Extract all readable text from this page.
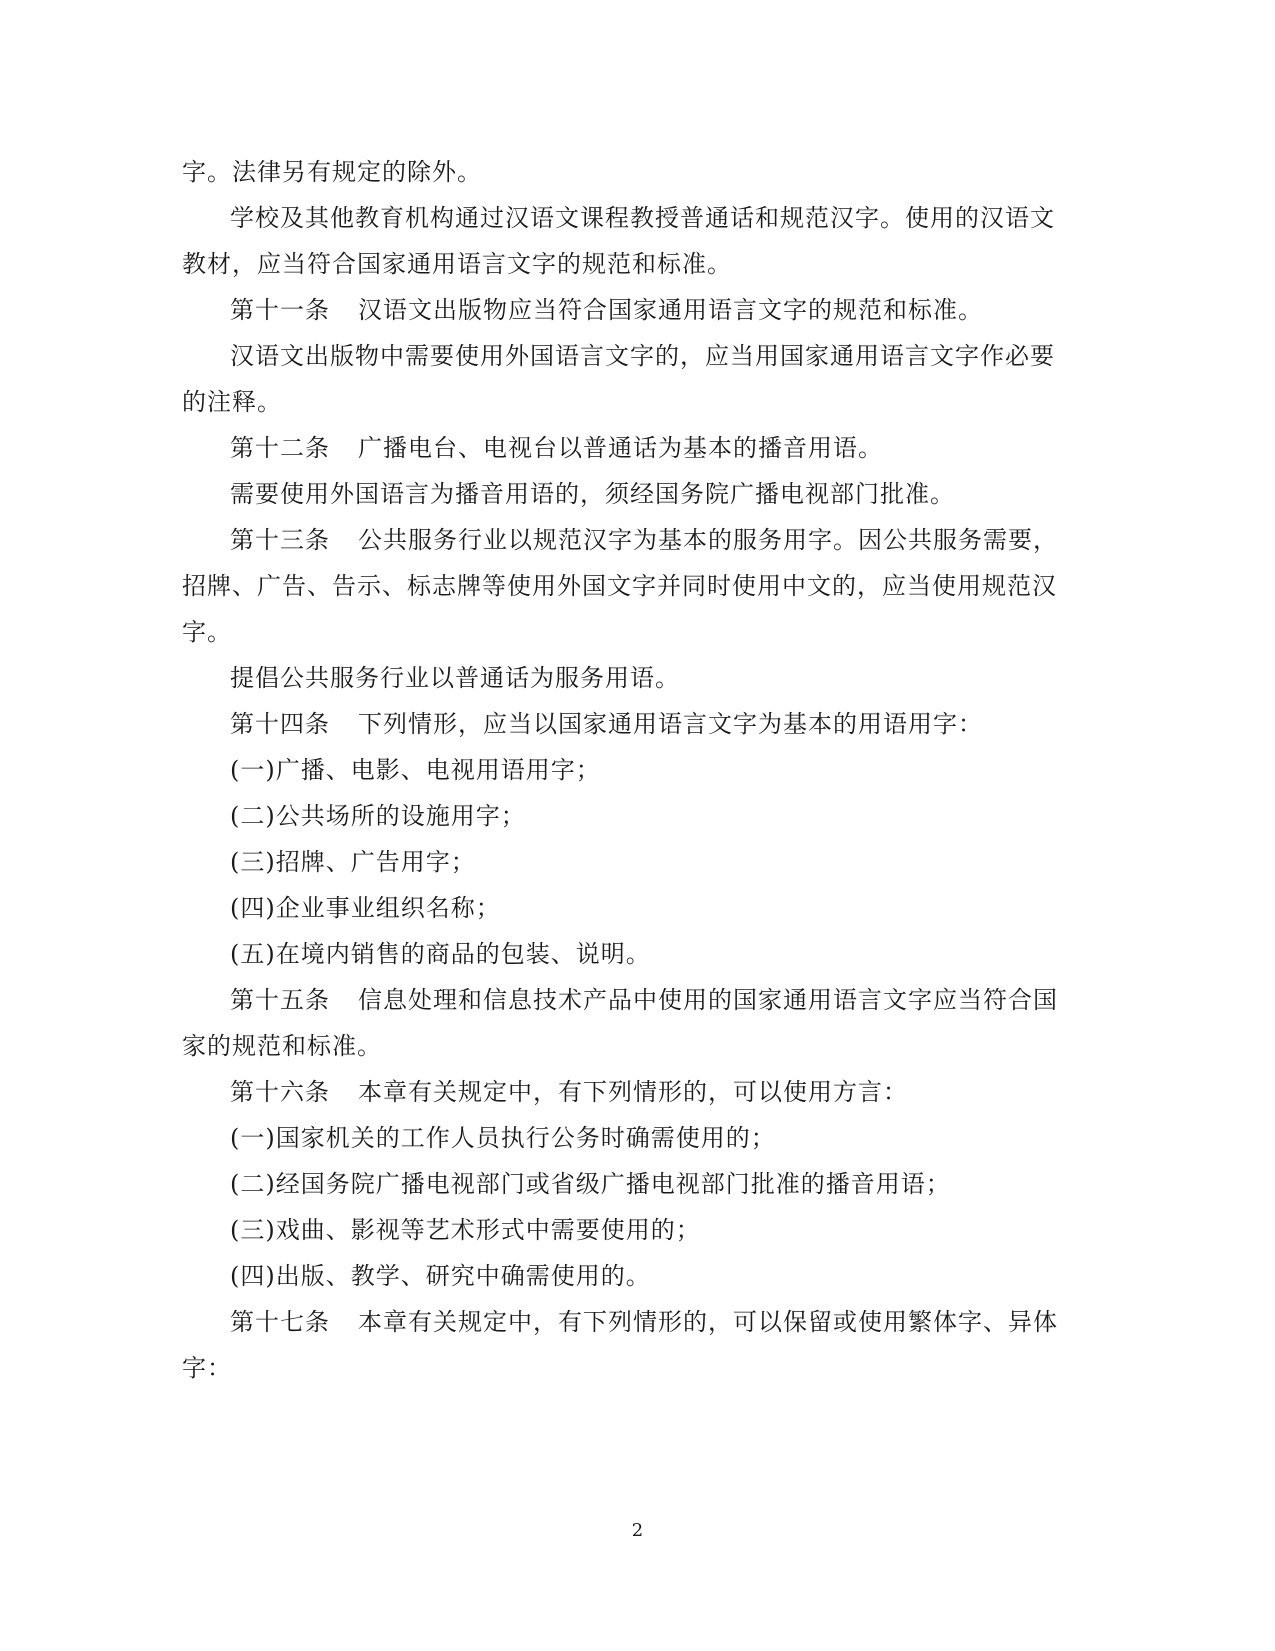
字。法律另有规定的除外。
学校及其他教育机构通过汉语文课程教授普通话和规范汉字。使用的汉语文
教材，应当符合国家通用语言文字的规范和标准。
第十一条 汉语文出版物应当符合国家通用语言文字的规范和标准。
汉语文出版物中需要使用外国语言文字的，应当用国家通用语言文字作必要
的注释。
第十二条 广播电台、电视台以普通话为基本的播音用语。
需要使用外国语言为播音用语的，须经国务院广播电视部门批准。
第十三条 公共服务行业以规范汉字为基本的服务用字。因公共服务需要，
招牌、广告、告示、标志牌等使用外国文字并同时使用中文的，应当使用规范汉
字。
提倡公共服务行业以普通话为服务用语。
第十四条 下列情形，应当以国家通用语言文字为基本的用语用字：
(一)广播、电影、电视用语用字；
(二)公共场所的设施用字；
(三)招牌、广告用字；
(四)企业事业组织名称；
(五)在境内销售的商品的包装、说明。
第十五条 信息处理和信息技术产品中使用的国家通用语言文字应当符合国
家的规范和标准。
第十六条 本章有关规定中，有下列情形的，可以使用方言：
(一)国家机关的工作人员执行公务时确需使用的；
(二)经国务院广播电视部门或省级广播电视部门批准的播音用语；
(三)戏曲、影视等艺术形式中需要使用的；
(四)出版、教学、研究中确需使用的。
第十七条 本章有关规定中，有下列情形的，可以保留或使用繁体字、异体
字：
2
